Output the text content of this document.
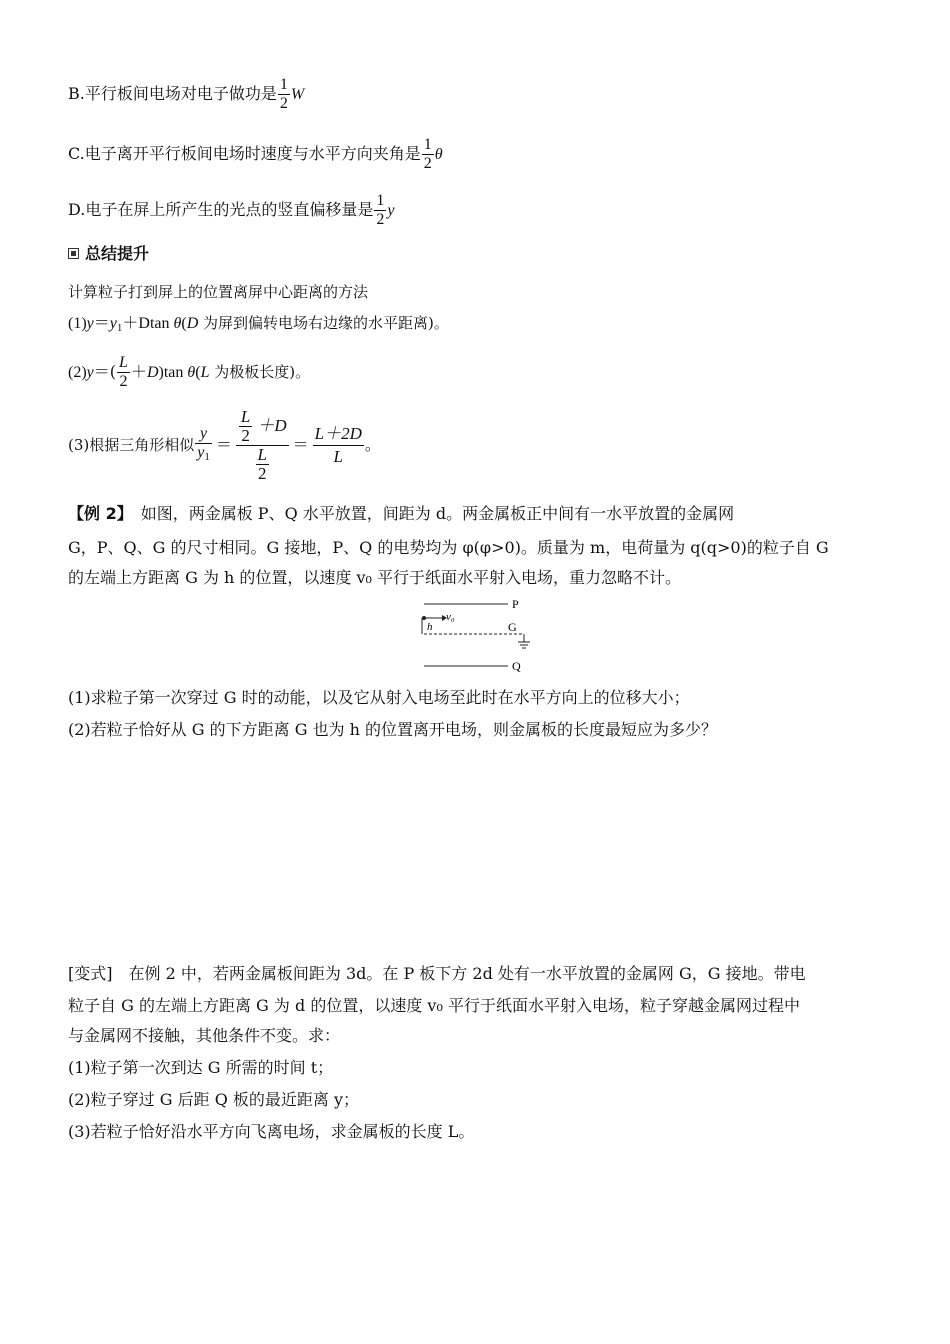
B.平行板间电场对电子做功是 $\frac{1}{2}$ W
C.电子离开平行板间电场时速度与水平方向夹角是 $\frac{1}{2}$ θ
D.电子在屏上所产生的光点的竖直偏移量是 $\frac{1}{2}$ y
总结提升
计算粒子打到屏上的位置离屏中心距离的方法
$(1)y=y_1+Dtan$ θ(D 为屏到偏转电场右边缘的水平距离)。
$(2)y=( \frac{L}{2} +D)\tan$ θ(L 为极板长度)。
(3)根据三角形相似 $\frac{y}{y_1} = \frac{\frac{L}{2} +D}{\frac{L}{2}} = \frac{L+2D}{L}$ 。
【例 2】　如图，两金属板 P、Q 水平放置，间距为 d。两金属板正中间有一水平放置的金属网
G，P、Q、G 的尺寸相同。G 接地，P、Q 的电势均为 φ(φ>0)。质量为 m，电荷量为 q(q>0)的粒子自 G
的左端上方距离 G 为 h 的位置，以速度 v₀ 平行于纸面水平射入电场，重力忽略不计。
P
v₀
h	G
Q
(1)求粒子第一次穿过 G 时的动能，以及它从射入电场至此时在水平方向上的位移大小；
(2)若粒子恰好从 G 的下方距离 G 也为 h 的位置离开电场，则金属板的长度最短应为多少？
[变式]　在例 2 中，若两金属板间距为 3d。在 P 板下方 2d 处有一水平放置的金属网 G，G 接地。带电
粒子自 G 的左端上方距离 G 为 d 的位置，以速度 v₀ 平行于纸面水平射入电场，粒子穿越金属网过程中
与金属网不接触，其他条件不变。求：
(1)粒子第一次到达 G 所需的时间 t；
(2)粒子穿过 G 后距 Q 板的最近距离 y；
(3)若粒子恰好沿水平方向飞离电场，求金属板的长度 L。
